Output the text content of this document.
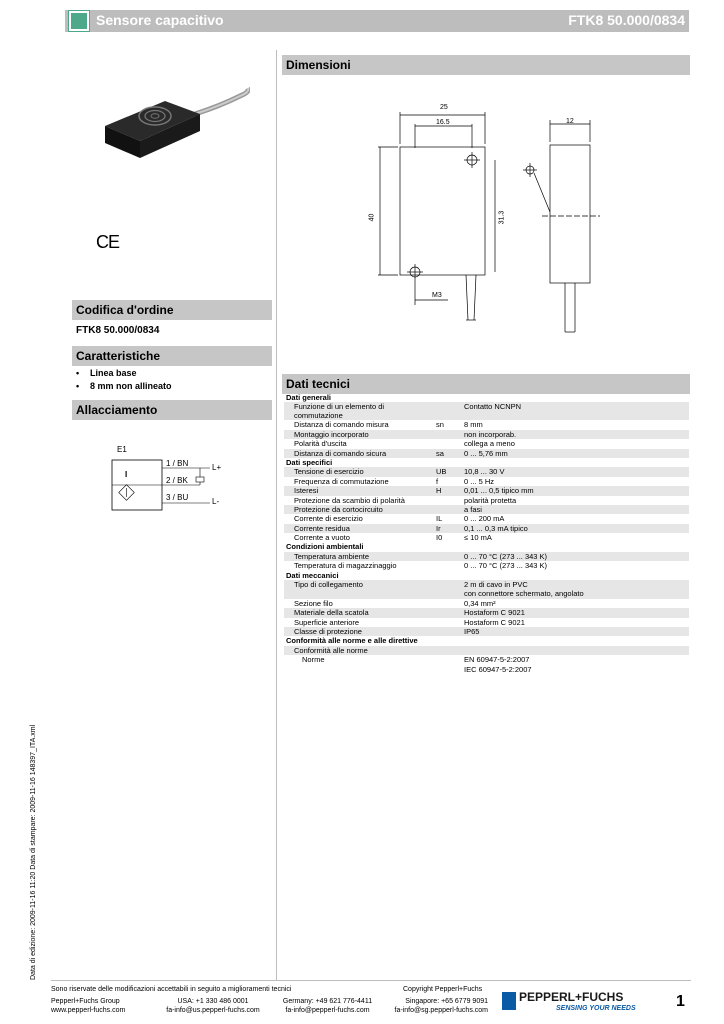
Sensore capacitivo	FTK8 50.000/0834
CE
Codifica d'ordine
FTK8 50.000/0834
Caratteristiche
• Linea base
• 8 mm non allineato
Allacciamento
E1
I
1 / BN
2 / BK
3 / BU
L+
L-
Dimensioni
25
16.5	12
40	31.3
M3
Dati tecnici
Dati generali		
Funzione di un elemento di commutazione		Contatto NCNPN
Distanza di comando misura	sn	8 mm
Montaggio incorporato		non incorporab.
Polarità d'uscita		collega a meno
Distanza di comando sicura	sa	0 ... 5,76 mm
Dati specifici		
Tensione di esercizio	UB	10,8 ... 30 V
Frequenza di commutazione	f	0 ... 5 Hz
Isteresi	H	0,01 ... 0,5 tipico mm
Protezione da scambio di polarità		polarità protetta
Protezione da cortocircuito		a fasi
Corrente di esercizio	IL	0 ... 200 mA
Corrente residua	Ir	0,1 ... 0,3 mA tipico
Corrente a vuoto	I0	≤ 10 mA
Condizioni ambientali		
Temperatura ambiente		0 ... 70 °C (273 ... 343 K)
Temperatura di magazzinaggio		0 ... 70 °C (273 ... 343 K)
Dati meccanici		
Tipo di collegamento		2 m di cavo in PVC
		con connettore schermato, angolato
Sezione filo		0,34 mm²
Materiale della scatola		Hostaform C 9021
Superficie anteriore		Hostaform C 9021
Classe di protezione		IP65
Conformità alle norme e alle direttive		
Conformità alle norme		
Norme		EN 60947-5-2:2007
		IEC 60947-5-2:2007
Data di edizione: 2009-11-16 11:20 Data di stampare: 2009-11-16 148397_ITA.xml
Sono riservate delle modificazioni accettabili in seguito a miglioramenti tecnici	Copyright Pepperl+Fuchs
Pepperl+Fuchs Group
www.pepperl-fuchs.com
USA: +1 330 486 0001
fa-info@us.pepperl-fuchs.com
Germany: +49 621 776-4411
fa-info@pepperl-fuchs.com
Singapore: +65 6779 9091
fa-info@sg.pepperl-fuchs.com
PEPPERL+FUCHS
SENSING YOUR NEEDS	1
